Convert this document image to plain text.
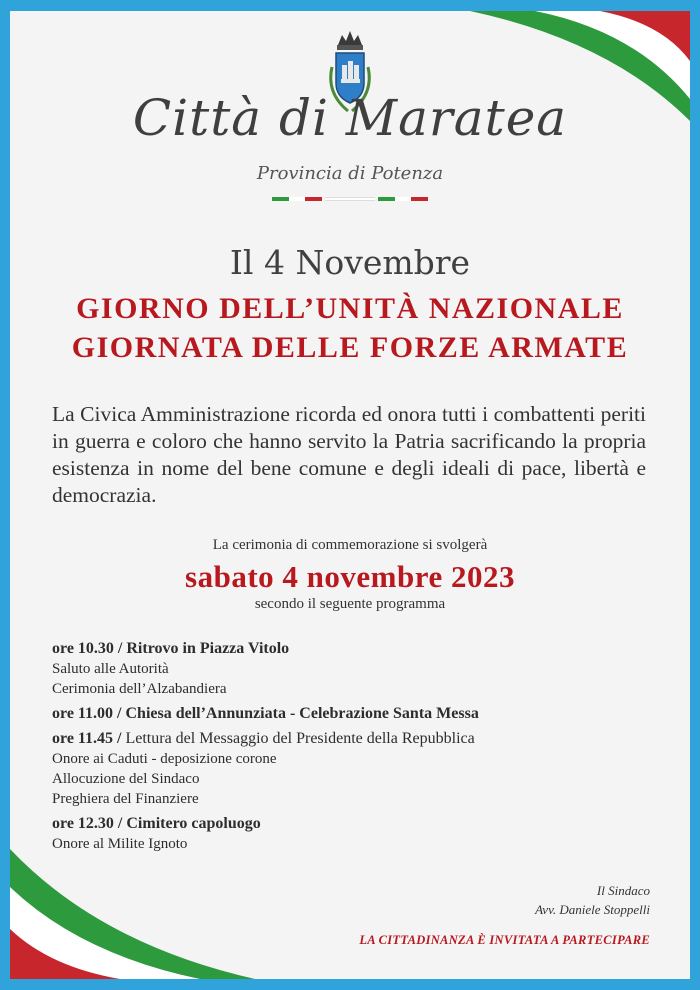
Città di Maratea
Provincia di Potenza
Il 4 Novembre
GIORNO DELL’UNITÀ NAZIONALE
GIORNATA DELLE FORZE ARMATE
La Civica Amministrazione ricorda ed onora tutti i combattenti periti in guerra e coloro che hanno servito la Patria sacrificando la propria esistenza in nome del bene comune e degli ideali di pace, libertà e democrazia.
La cerimonia di commemorazione si svolgerà
sabato 4 novembre 2023
secondo il seguente programma
ore 10.30 / Ritrovo in Piazza Vitolo
Saluto alle Autorità
Cerimonia dell’Alzabandiera
ore 11.00 / Chiesa dell’Annunziata - Celebrazione Santa Messa
ore 11.45 / Lettura del Messaggio del Presidente della Repubblica
Onore ai Caduti - deposizione corone
Allocuzione del Sindaco
Preghiera del Finanziere
ore 12.30 / Cimitero capoluogo
Onore al Milite Ignoto
Il Sindaco
Avv. Daniele Stoppelli
LA CITTADINANZA È INVITATA A PARTECIPARE
